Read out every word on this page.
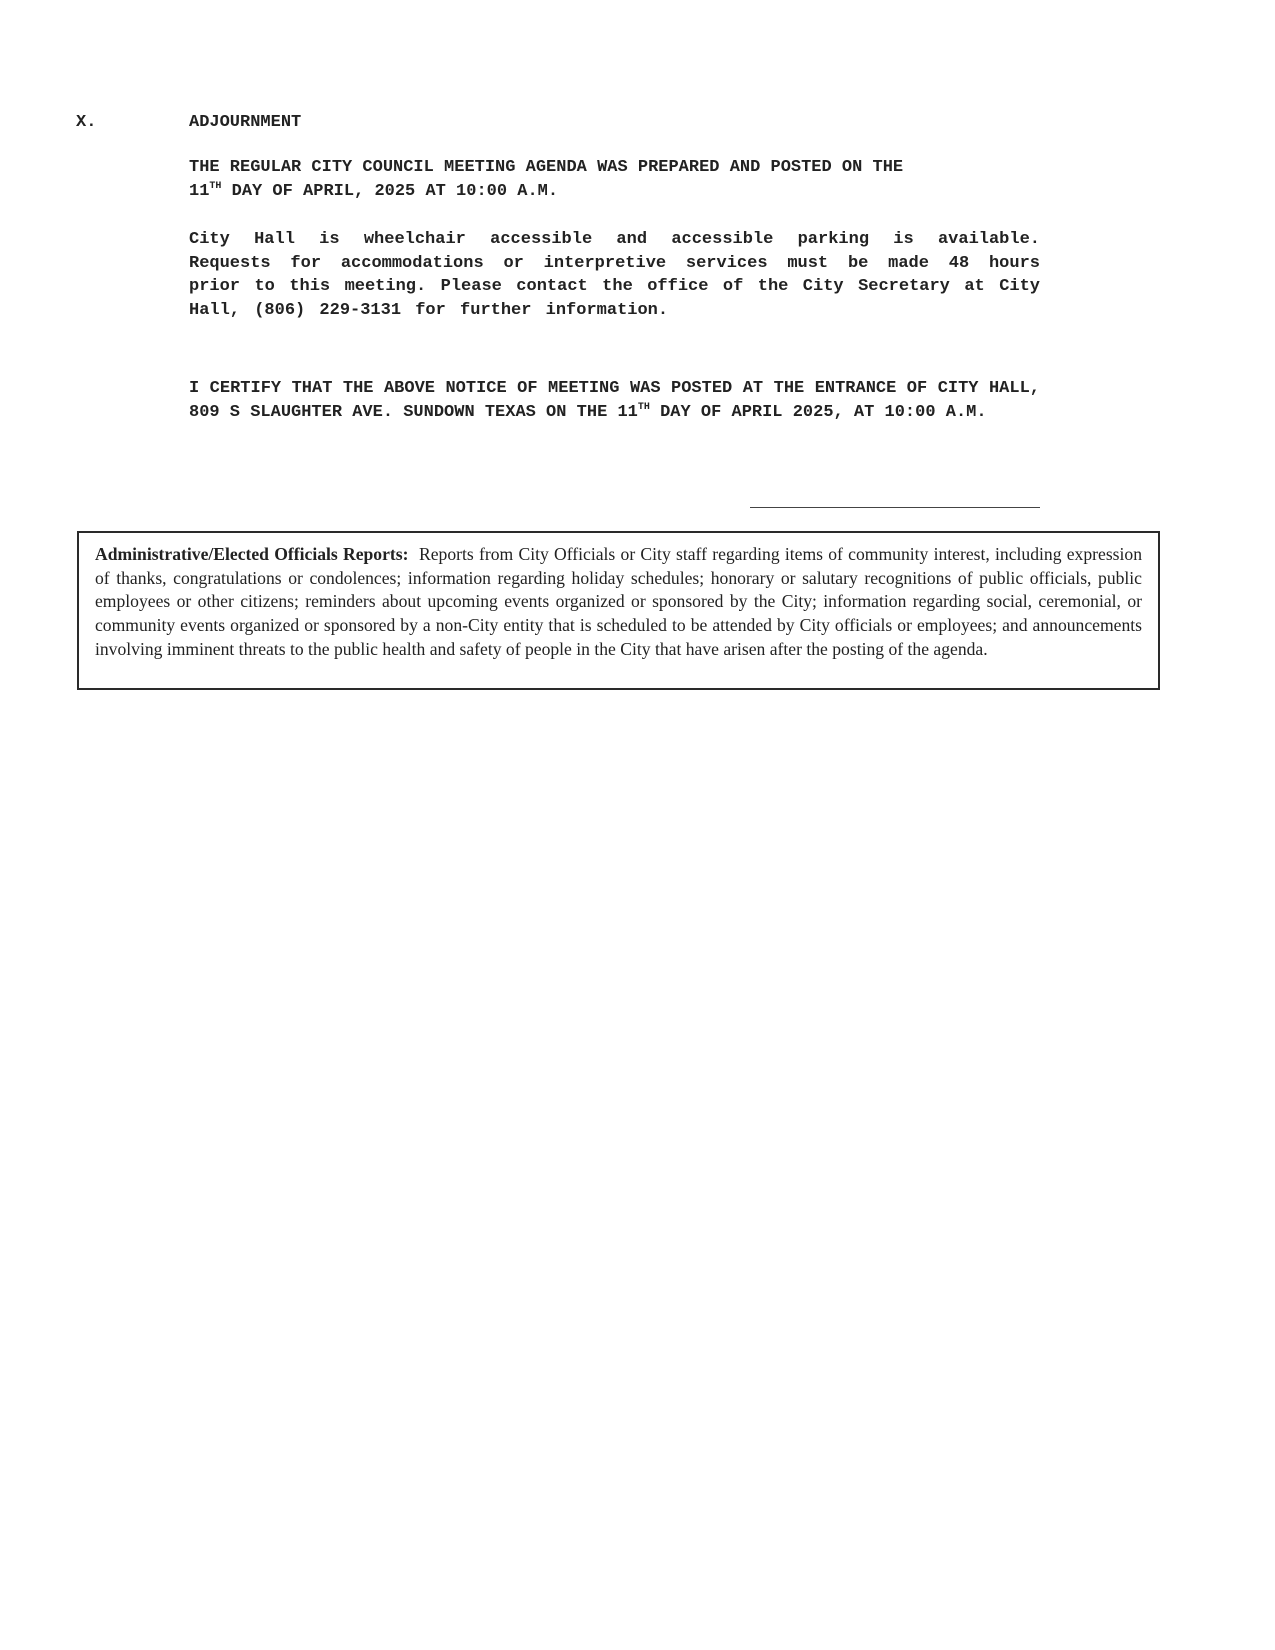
X.	ADJOURNMENT

THE REGULAR CITY COUNCIL MEETING AGENDA WAS PREPARED AND POSTED ON THE
11TH DAY OF APRIL, 2025 AT 10:00 A.M.

City Hall is wheelchair accessible and accessible parking is available. Requests for accommodations or interpretive services must be made 48 hours prior to this meeting. Please contact the office of the City Secretary at City Hall, (806) 229-3131 for further information.

I CERTIFY THAT THE ABOVE NOTICE OF MEETING WAS POSTED AT THE ENTRANCE OF CITY HALL, 809 S SLAUGHTER AVE. SUNDOWN TEXAS ON THE 11TH DAY OF APRIL 2025, AT 10:00 A.M.

Administrative/Elected Officials Reports: Reports from City Officials or City staff regarding items of community interest, including expression of thanks, congratulations or condolences; information regarding holiday schedules; honorary or salutary recognitions of public officials, public employees or other citizens; reminders about upcoming events organized or sponsored by the City; information regarding social, ceremonial, or community events organized or sponsored by a non-City entity that is scheduled to be attended by City officials or employees; and announcements involving imminent threats to the public health and safety of people in the City that have arisen after the posting of the agenda.
